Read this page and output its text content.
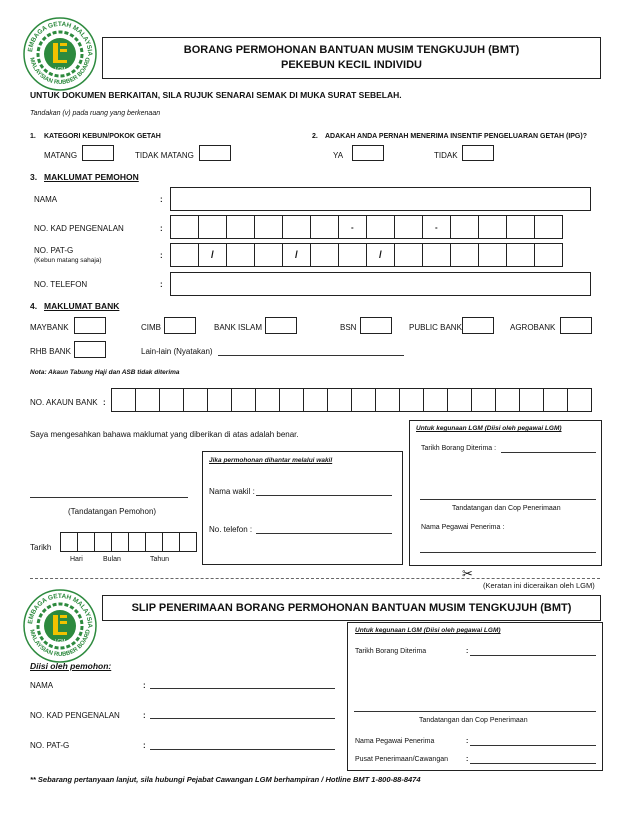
EMBAGA GETAH MALAYSIA
MALAYSIAN RUBBER BOARD
LGM
BORANG PERMOHONAN BANTUAN MUSIM TENGKUJUH (BMT)
PEKEBUN KECIL INDIVIDU
UNTUK DOKUMEN BERKAITAN, SILA RUJUK SENARAI SEMAK DI MUKA SURAT SEBELAH.
Tandakan (v) pada ruang yang berkenaan
1. KATEGORI KEBUN/POKOK GETAH
MATANG	TIDAK MATANG
2. ADAKAH ANDA PERNAH MENERIMA INSENTIF PENGELUARAN GETAH (IPG)?
YA	TIDAK
3. MAKLUMAT PEMOHON
NAMA	:
NO. KAD PENGENALAN	:	-	-
NO. PAT-G
(Kebun matang sahaja)
:	/	/	/
NO. TELEFON	:
4. MAKLUMAT BANK
MAYBANK	CIMB	BANK ISLAM	BSN	PUBLIC BANK	AGROBANK
RHB BANK	Lain-lain (Nyatakan)
Nota: Akaun Tabung Haji dan ASB tidak diterima
NO. AKAUN BANK :
Saya mengesahkan bahawa maklumat yang diberikan di atas adalah benar.
(Tandatangan Pemohon)
Tarikh
Hari	Bulan	Tahun
Jika permohonan dihantar melalui wakil
Nama wakil :
No. telefon :
Untuk kegunaan LGM (Diisi oleh pegawai LGM)
Tarikh Borang Diterima :
Tandatangan dan Cop Penerimaan
Nama Pegawai Penerima :
✂
(Keratan ini diceraikan oleh LGM)
EMBAGA GETAH MALAYSIA
MALAYSIAN RUBBER BOARD
LGM
SLIP PENERIMAAN BORANG PERMOHONAN BANTUAN MUSIM TENGKUJUH (BMT)
Diisi oleh pemohon:
NAMA	:
NO. KAD PENGENALAN	:
NO. PAT-G	:
Untuk kegunaan LGM (Diisi oleh pegawai LGM)
Tarikh Borang Diterima	:
Tandatangan dan Cop Penerimaan
Nama Pegawai Penerima	:
Pusat Penerimaan/Cawangan	:
** Sebarang pertanyaan lanjut, sila hubungi Pejabat Cawangan LGM berhampiran / Hotline BMT 1-800-88-8474
